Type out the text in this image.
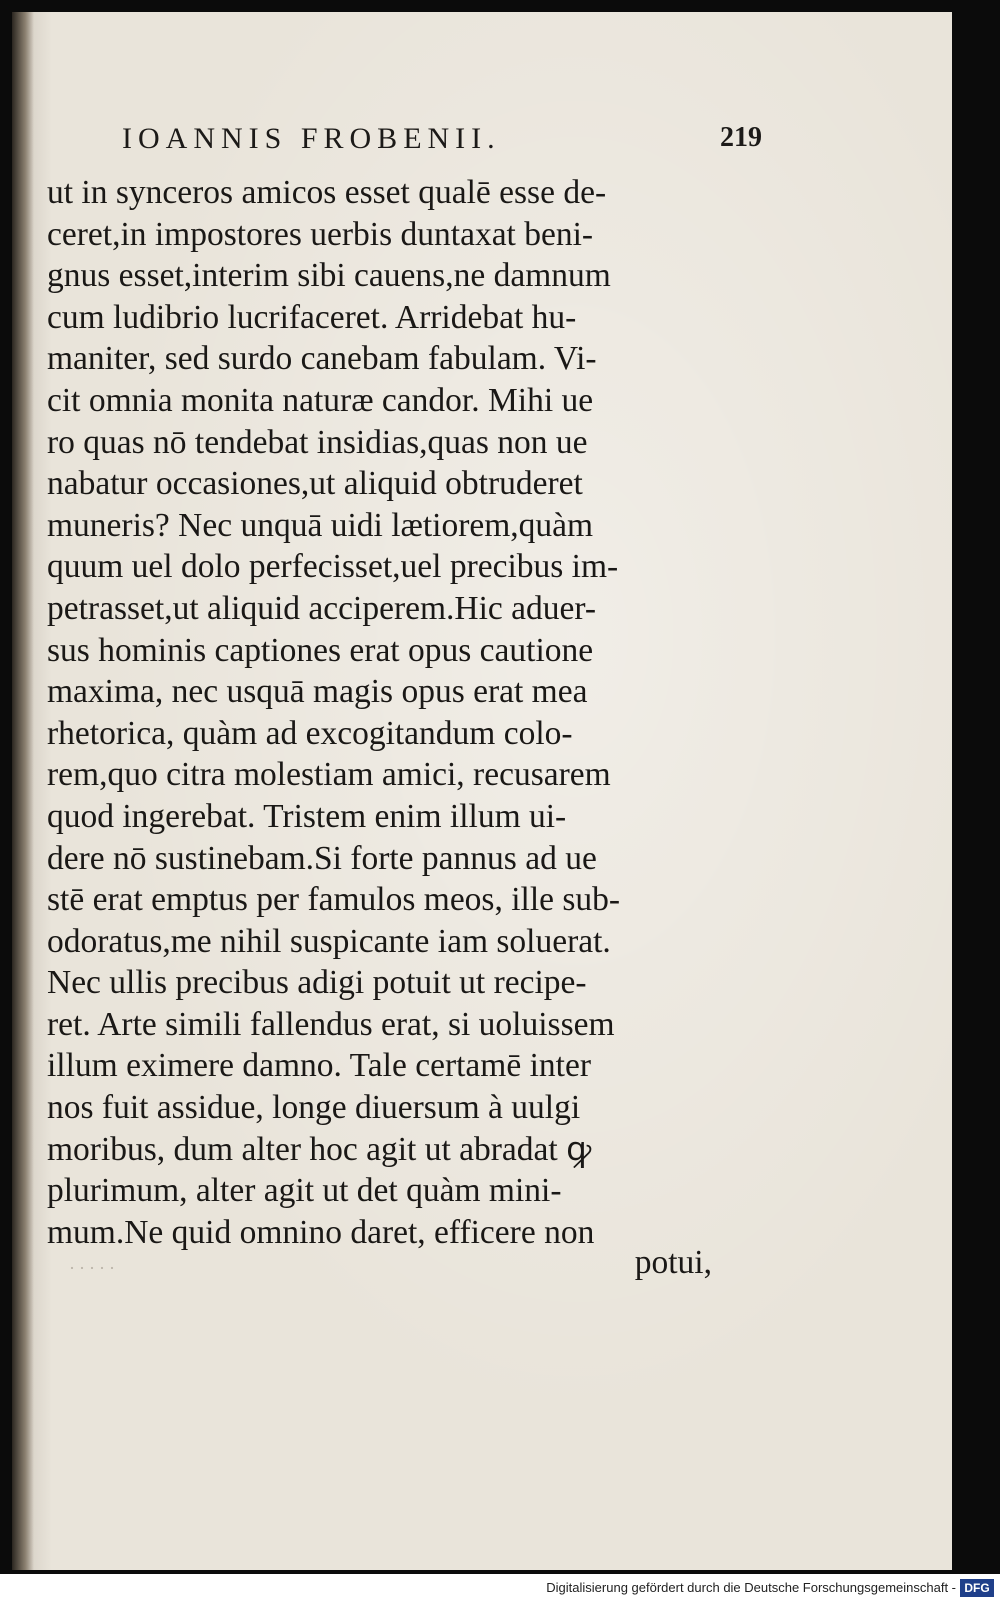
IOANNIS FROBENII.	219
ut in synceros amicos esset qualē esse de-
ceret,in impostores uerbis duntaxat beni-
gnus esset,interim sibi cauens,ne damnum
cum ludibrio lucrifaceret. Arridebat hu-
maniter, sed surdo canebam fabulam. Vi-
cit omnia monita naturæ candor. Mihi ue
ro quas nō tendebat insidias,quas non ue
nabatur occasiones,ut aliquid obtruderet
muneris? Nec unquā uidi lætiorem,quàm
quum uel dolo perfecisset,uel precibus im-
petrasset,ut aliquid acciperem.Hic aduer-
sus hominis captiones erat opus cautione
maxima, nec usquā magis opus erat mea
rhetorica, quàm ad excogitandum colo-
rem,quo citra molestiam amici, recusarem
quod ingerebat. Tristem enim illum ui-
dere nō sustinebam.Si forte pannus ad ue
stē erat emptus per famulos meos, ille sub-
odoratus,me nihil suspicante iam soluerat.
Nec ullis precibus adigi potuit ut recipe-
ret. Arte simili fallendus erat, si uoluissem
illum eximere damno. Tale certamē inter
nos fuit assidue, longe diuersum à uulgi
moribus, dum alter hoc agit ut abradat ꝙ
plurimum, alter agit ut det quàm mini-
mum.Ne quid omnino daret, efficere non
·····	potui,
Digitalisierung gefördert durch die Deutsche Forschungsgemeinschaft - DFG
